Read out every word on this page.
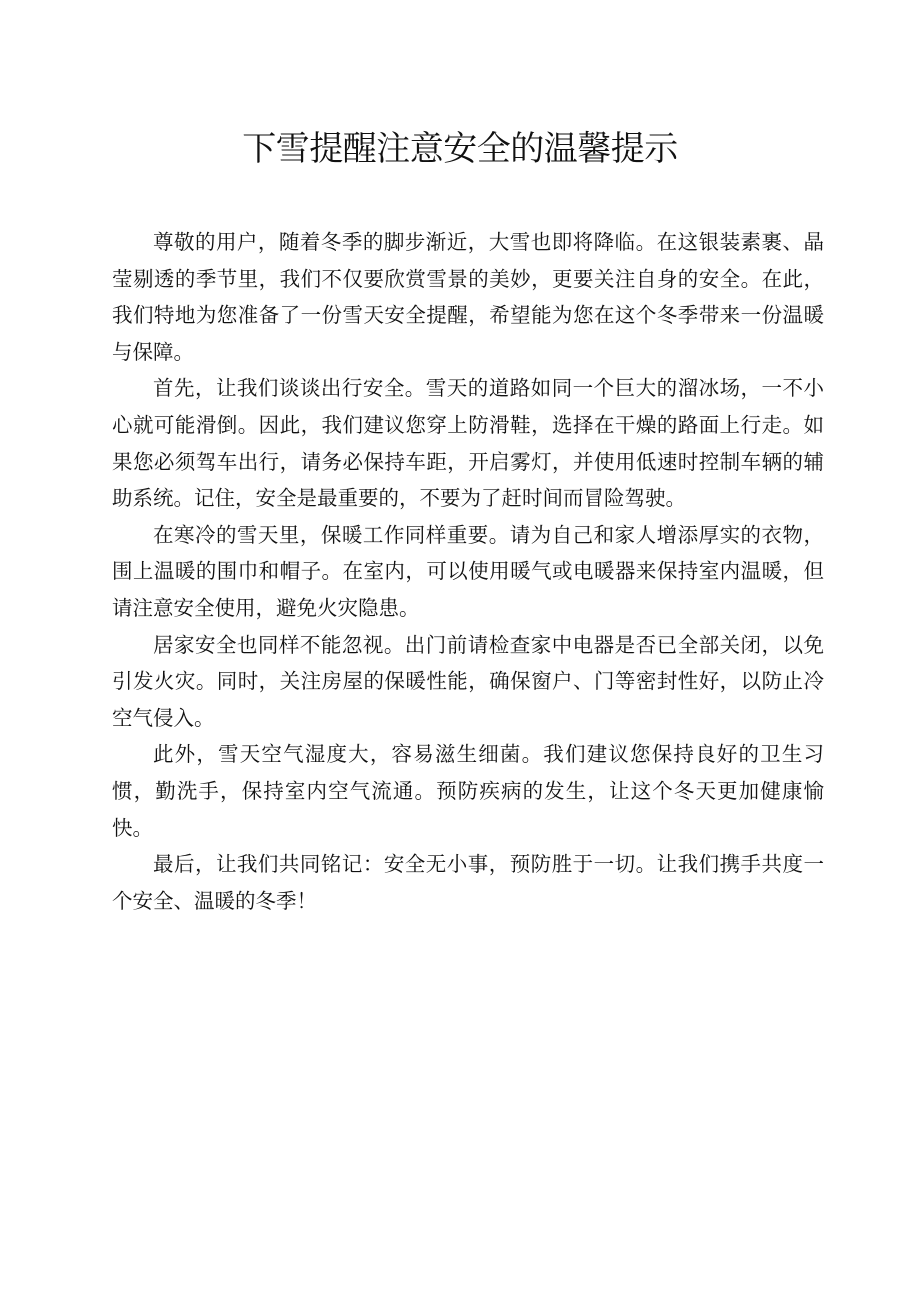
下雪提醒注意安全的温馨提示

尊敬的用户，随着冬季的脚步渐近，大雪也即将降临。在这银装素裹、晶莹剔透的季节里，我们不仅要欣赏雪景的美妙，更要关注自身的安全。在此，我们特地为您准备了一份雪天安全提醒，希望能为您在这个冬季带来一份温暖与保障。

首先，让我们谈谈出行安全。雪天的道路如同一个巨大的溜冰场，一不小心就可能滑倒。因此，我们建议您穿上防滑鞋，选择在干燥的路面上行走。如果您必须驾车出行，请务必保持车距，开启雾灯，并使用低速时控制车辆的辅助系统。记住，安全是最重要的，不要为了赶时间而冒险驾驶。

在寒冷的雪天里，保暖工作同样重要。请为自己和家人增添厚实的衣物，围上温暖的围巾和帽子。在室内，可以使用暖气或电暖器来保持室内温暖，但请注意安全使用，避免火灾隐患。

居家安全也同样不能忽视。出门前请检查家中电器是否已全部关闭，以免引发火灾。同时，关注房屋的保暖性能，确保窗户、门等密封性好，以防止冷空气侵入。

此外，雪天空气湿度大，容易滋生细菌。我们建议您保持良好的卫生习惯，勤洗手，保持室内空气流通。预防疾病的发生，让这个冬天更加健康愉快。

最后，让我们共同铭记：安全无小事，预防胜于一切。让我们携手共度一个安全、温暖的冬季！
